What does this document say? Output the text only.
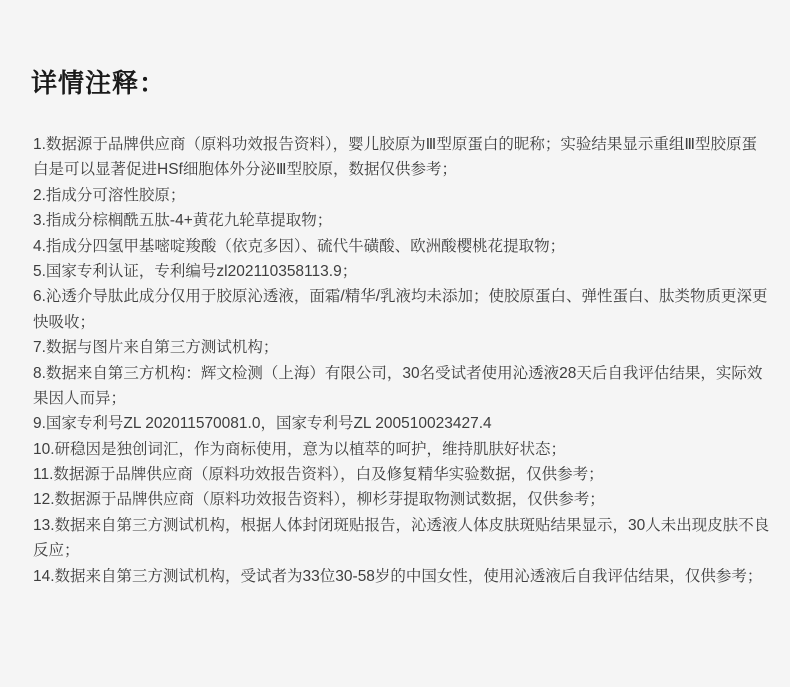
详情注释：
1.数据源于品牌供应商（原料功效报告资料），婴儿胶原为Ⅲ型原蛋白的昵称；实验结果显示重组Ⅲ型胶原蛋
白是可以显著促进HSf细胞体外分泌Ⅲ型胶原，数据仅供参考；
2.指成分可溶性胶原；
3.指成分棕榈酰五肽-4+黄花九轮草提取物；
4.指成分四氢甲基嘧啶羧酸（依克多因）、硫代牛磺酸、欧洲酸樱桃花提取物；
5.国家专利认证，专利编号zl202110358113.9；
6.沁透介导肽此成分仅用于胶原沁透液，面霜/精华/乳液均未添加；使胶原蛋白、弹性蛋白、肽类物质更深更
快吸收；
7.数据与图片来自第三方测试机构；
8.数据来自第三方机构：辉文检测（上海）有限公司，30名受试者使用沁透液28天后自我评估结果，实际效
果因人而异；
9.国家专利号ZL 202011570081.0，国家专利号ZL 200510023427.4
10.研稳因是独创词汇，作为商标使用，意为以植萃的呵护，维持肌肤好状态；
11.数据源于品牌供应商（原料功效报告资料），白及修复精华实验数据，仅供参考；
12.数据源于品牌供应商（原料功效报告资料），柳杉芽提取物测试数据，仅供参考；
13.数据来自第三方测试机构，根据人体封闭斑贴报告，沁透液人体皮肤斑贴结果显示，30人未出现皮肤不良
反应；
14.数据来自第三方测试机构，受试者为33位30-58岁的中国女性，使用沁透液后自我评估结果，仅供参考；
